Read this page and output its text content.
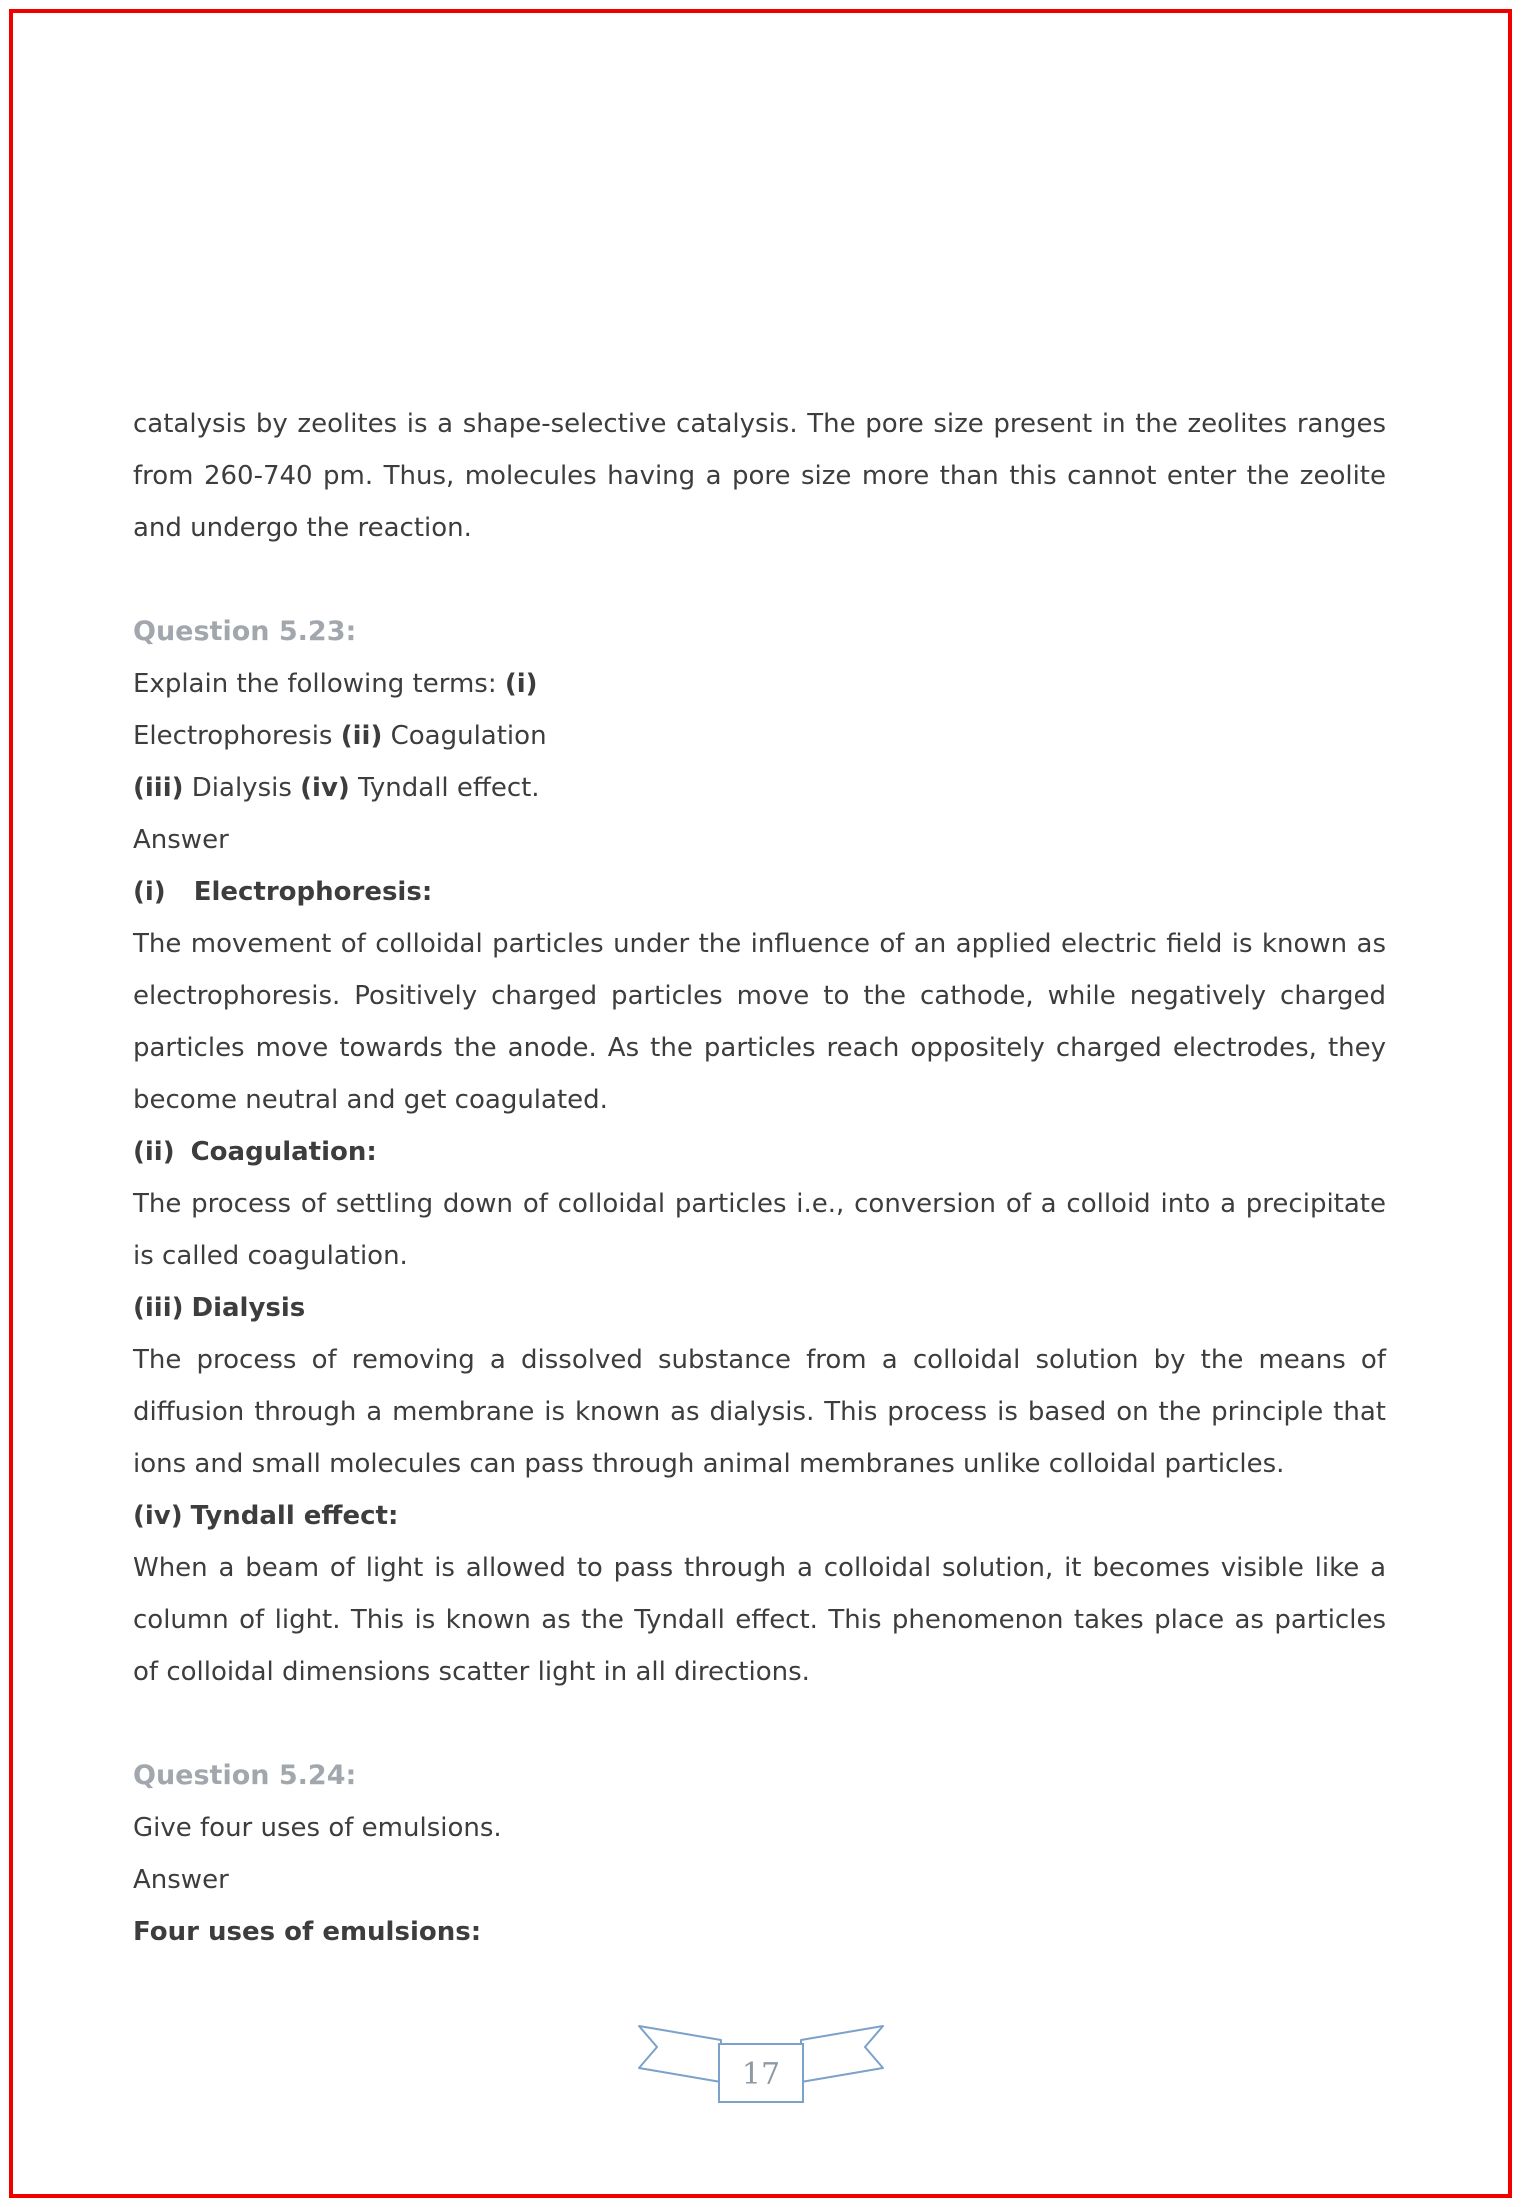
catalysis by zeolites is a shape-selective catalysis. The pore size present in the zeolites ranges from 260-740 pm. Thus, molecules having a pore size more than this cannot enter the zeolite and undergo the reaction.

Question 5.23:

Explain the following terms: (i)

Electrophoresis (ii) Coagulation

(iii) Dialysis (iv) Tyndall effect.

Answer

(i) Electrophoresis:

The movement of colloidal particles under the influence of an applied electric field is known as electrophoresis. Positively charged particles move to the cathode, while negatively charged particles move towards the anode. As the particles reach oppositely charged electrodes, they become neutral and get coagulated.

(ii) Coagulation:

The process of settling down of colloidal particles i.e., conversion of a colloid into a precipitate is called coagulation.

(iii) Dialysis

The process of removing a dissolved substance from a colloidal solution by the means of diffusion through a membrane is known as dialysis. This process is based on the principle that ions and small molecules can pass through animal membranes unlike colloidal particles.

(iv) Tyndall effect:

When a beam of light is allowed to pass through a colloidal solution, it becomes visible like a column of light. This is known as the Tyndall effect. This phenomenon takes place as particles of colloidal dimensions scatter light in all directions.

Question 5.24:

Give four uses of emulsions.

Answer

Four uses of emulsions:

17
